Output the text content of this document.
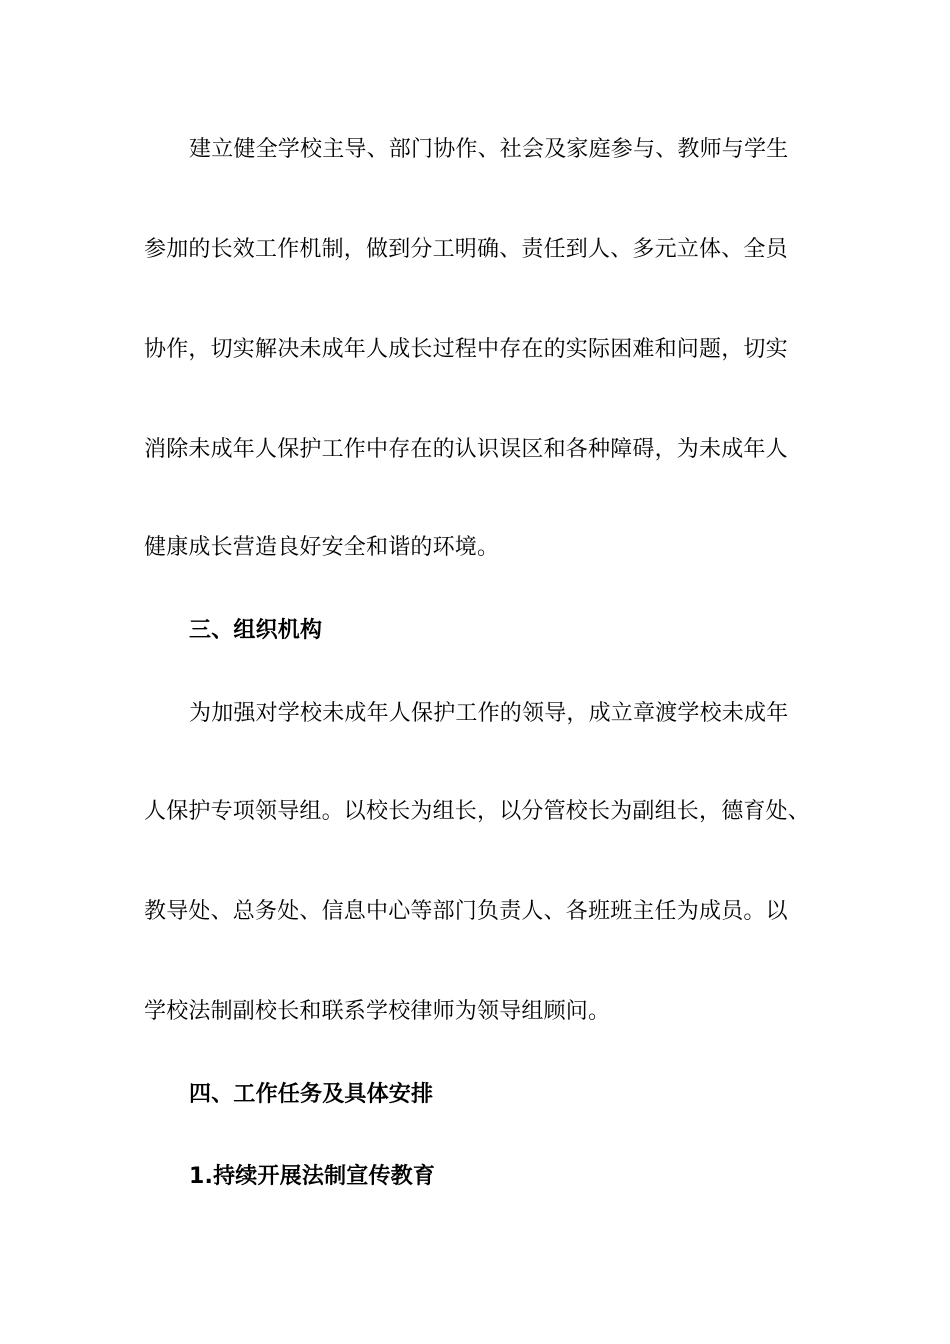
建立健全学校主导、部门协作、社会及家庭参与、教师与学生
参加的长效工作机制，做到分工明确、责任到人、多元立体、全员
协作，切实解决未成年人成长过程中存在的实际困难和问题，切实
消除未成年人保护工作中存在的认识误区和各种障碍，为未成年人
健康成长营造良好安全和谐的环境。
三、组织机构
为加强对学校未成年人保护工作的领导，成立章渡学校未成年
人保护专项领导组。以校长为组长，以分管校长为副组长，德育处、
教导处、总务处、信息中心等部门负责人、各班班主任为成员。以
学校法制副校长和联系学校律师为领导组顾问。
四、工作任务及具体安排
1.持续开展法制宣传教育
